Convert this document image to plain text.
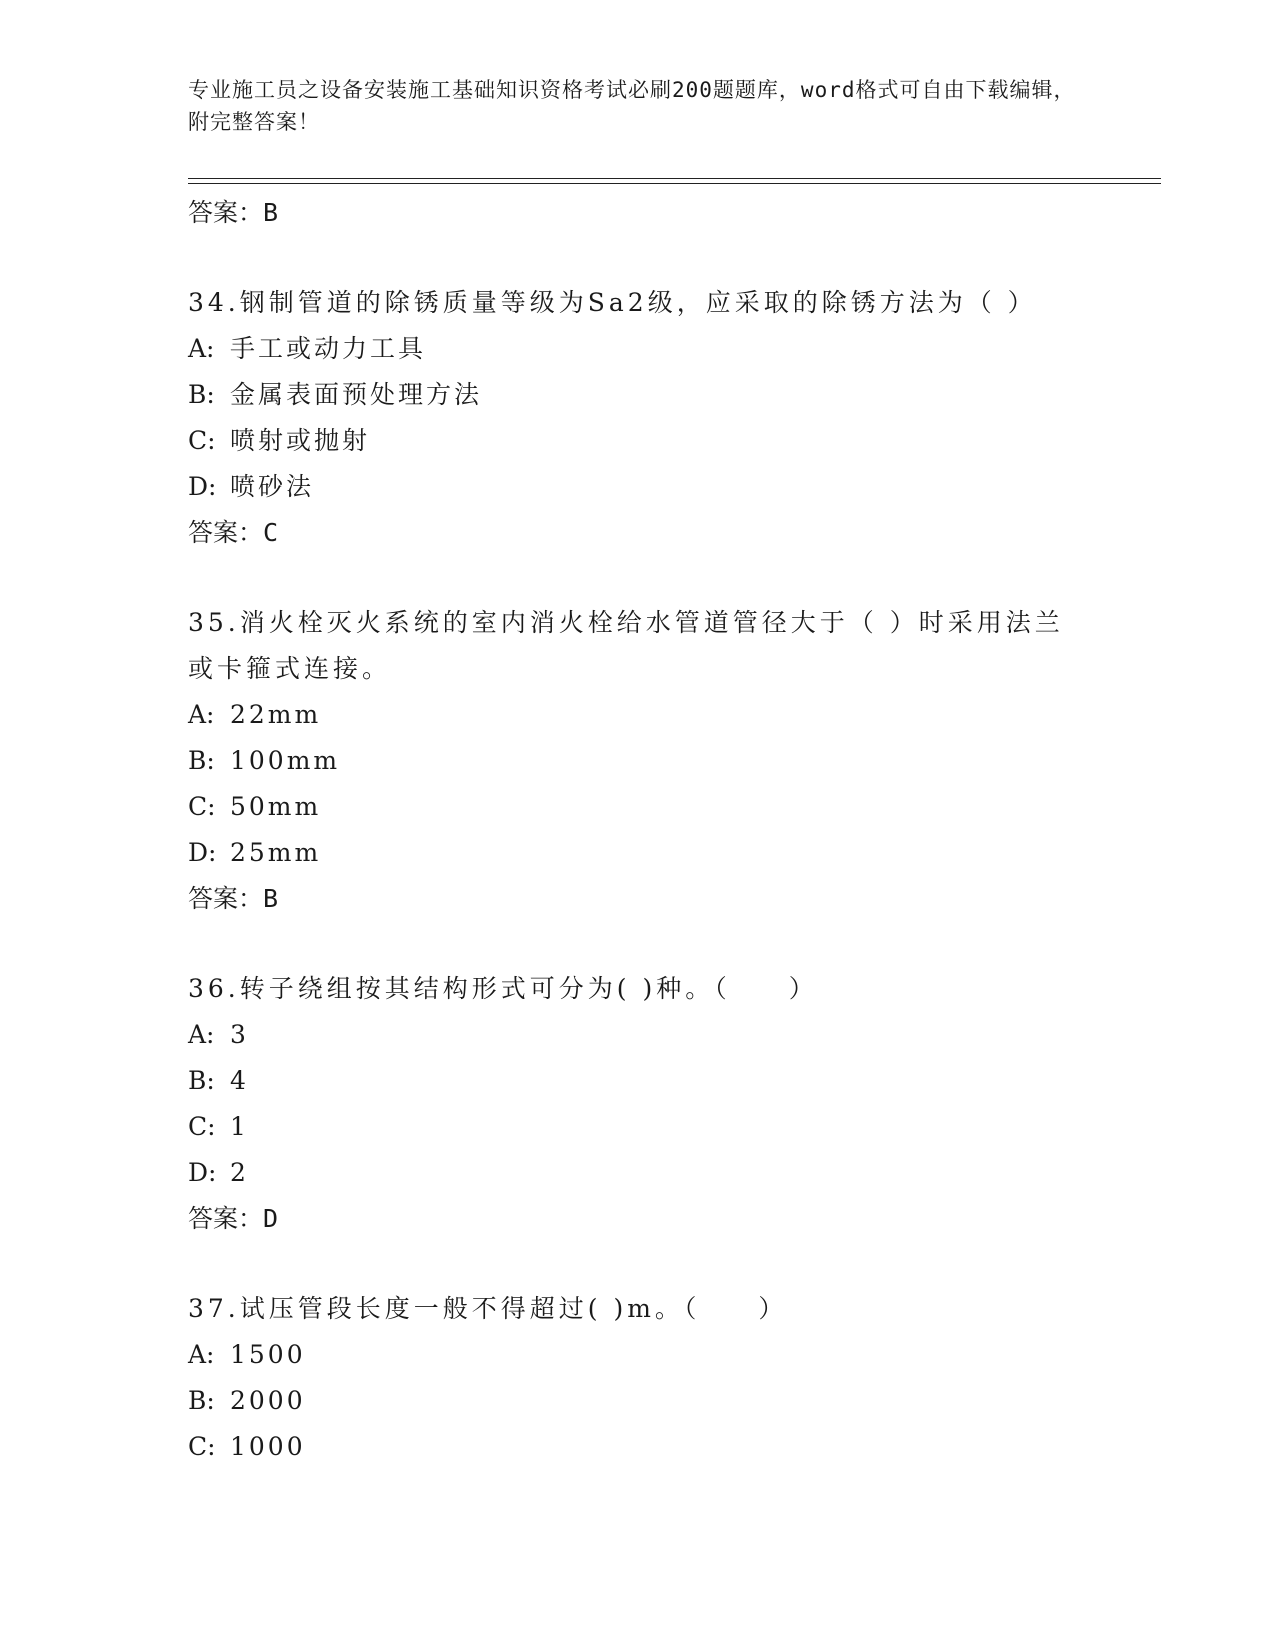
专业施工员之设备安装施工基础知识资格考试必刷200题题库，word格式可自由下载编辑，附完整答案！
答案：B

34.钢制管道的除锈质量等级为Sa2级，应采取的除锈方法为（ ）

A: 手工或动力工具
B: 金属表面预处理方法
C: 喷射或抛射
D: 喷砂法
答案：C

35.消火栓灭火系统的室内消火栓给水管道管径大于（ ）时采用法兰或卡箍式连接。

A: 22mm
B: 100mm
C: 50mm
D: 25mm
答案：B

36.转子绕组按其结构形式可分为( )种。（　　）

A: 3
B: 4
C: 1
D: 2
答案：D

37.试压管段长度一般不得超过( )m。（　　）

A: 1500
B: 2000
C: 1000
